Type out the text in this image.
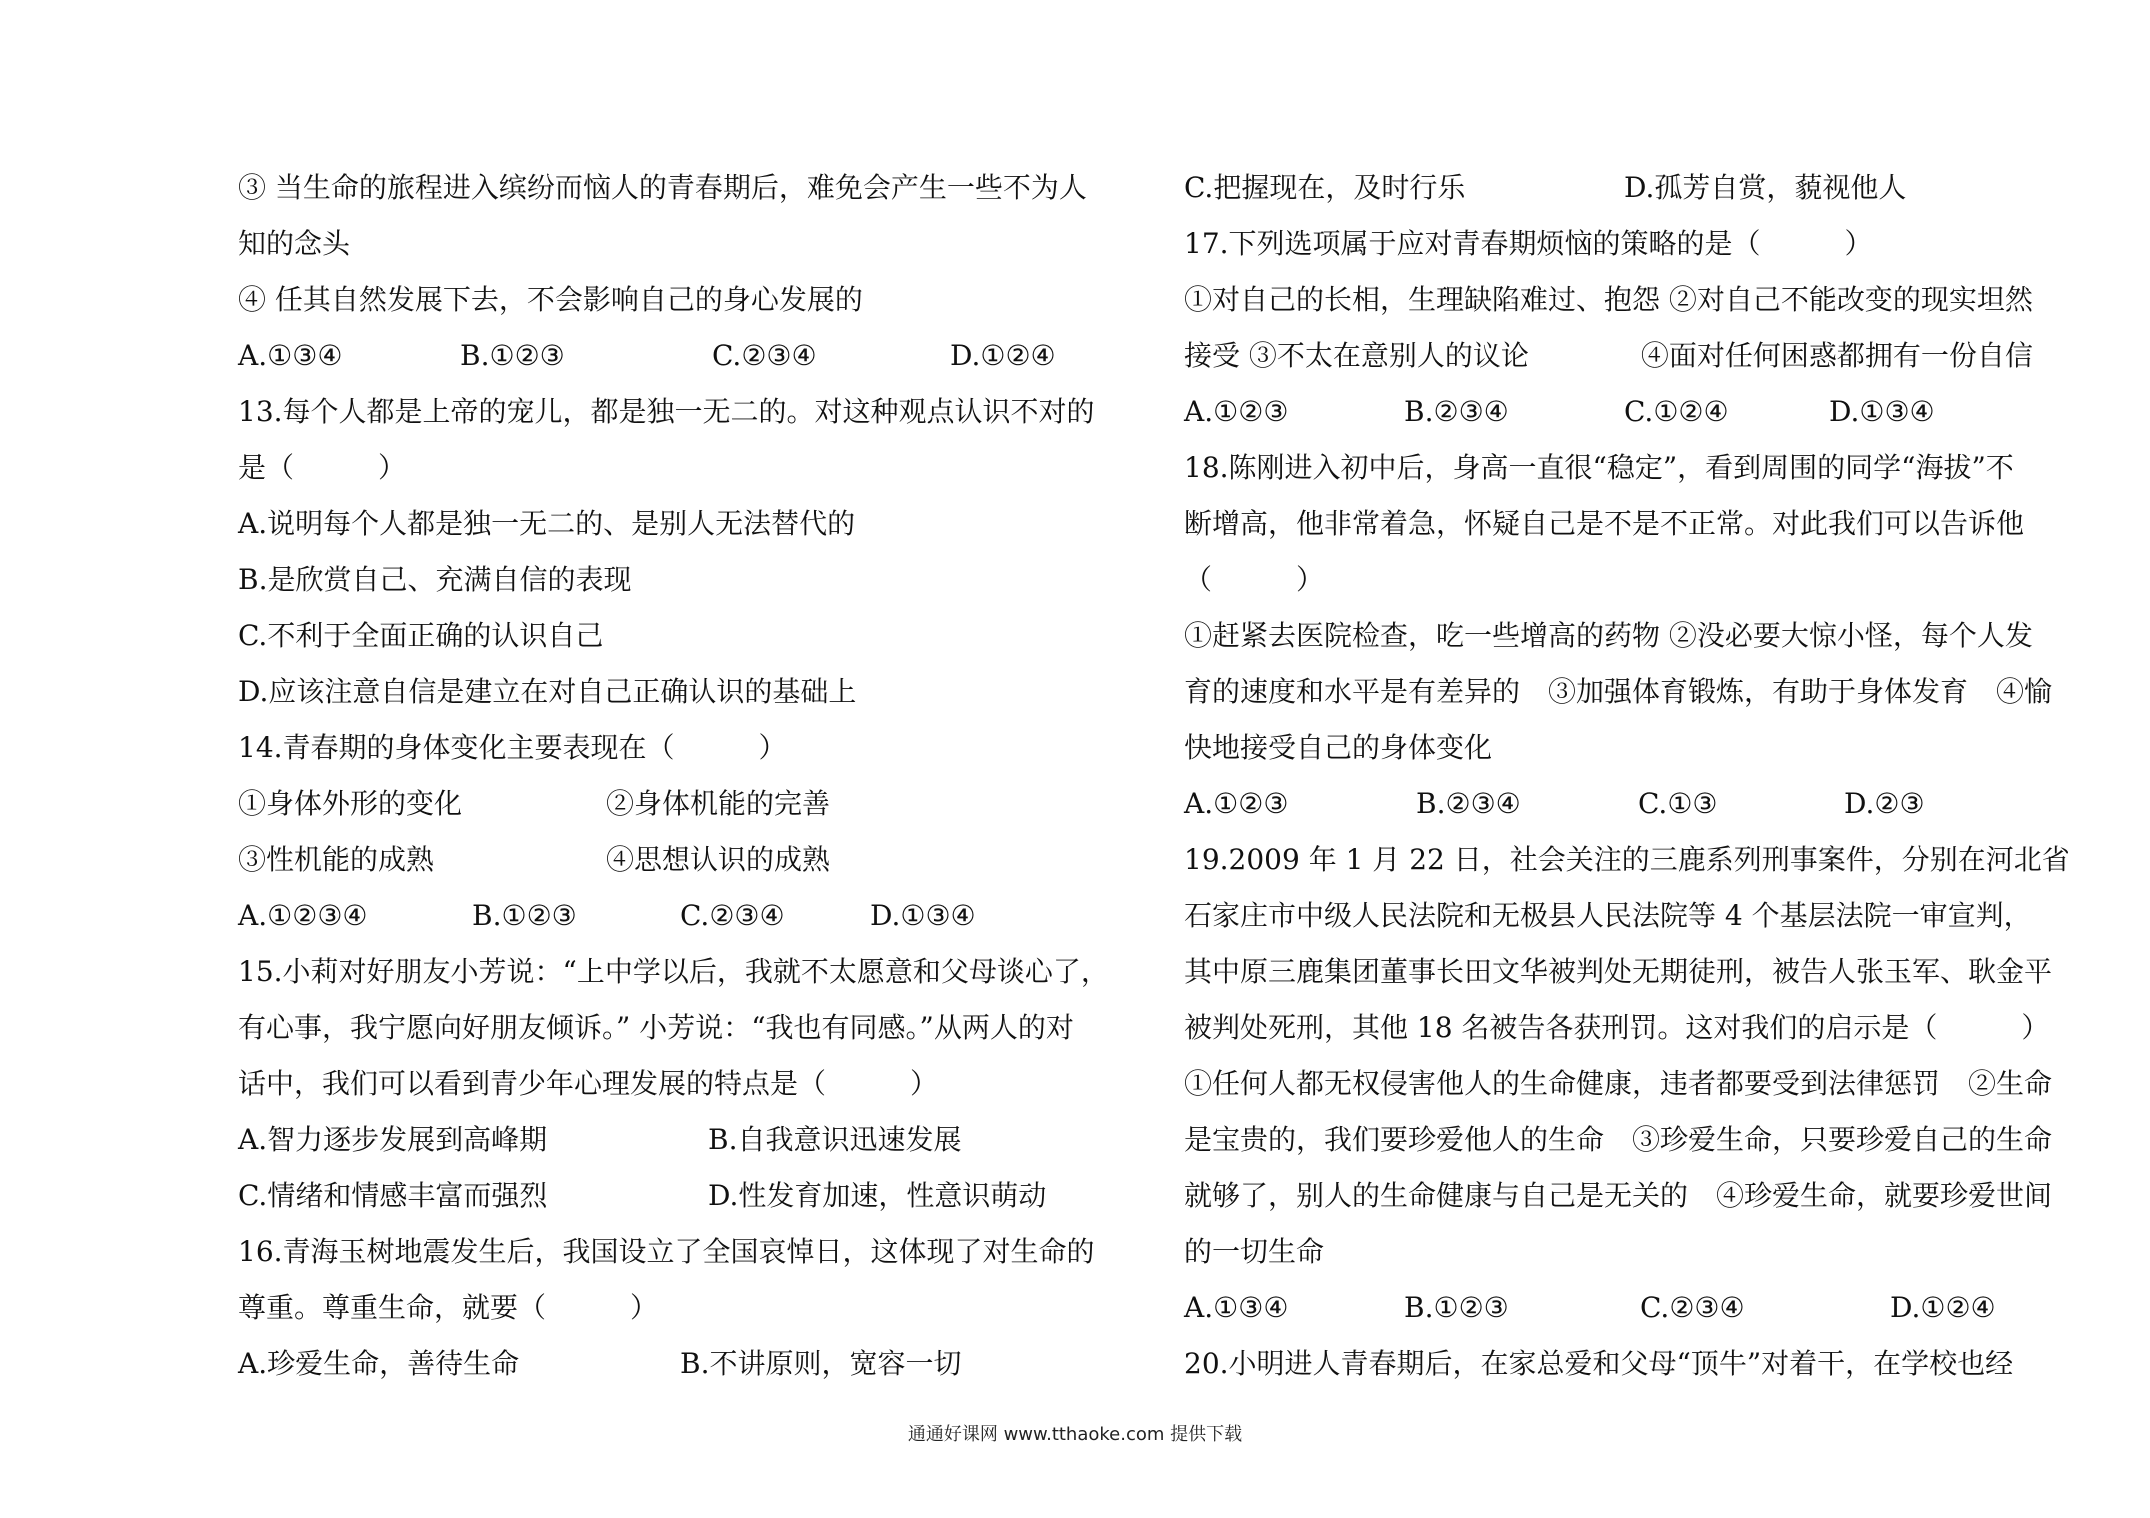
③ 当生命的旅程进入缤纷而恼人的青春期后，难免会产生一些不为人
知的念头
④ 任其自然发展下去，不会影响自己的身心发展的
A.①③④	B.①②③	C.②③④	D.①②④
13.每个人都是上帝的宠儿，都是独一无二的。对这种观点认识不对的
是（　　　）
A.说明每个人都是独一无二的、是别人无法替代的
B.是欣赏自己、充满自信的表现
C.不利于全面正确的认识自己
D.应该注意自信是建立在对自己正确认识的基础上
14.青春期的身体变化主要表现在（　　　）
①身体外形的变化	②身体机能的完善
③性机能的成熟	④思想认识的成熟
A.①②③④	B.①②③	C.②③④	D.①③④
15.小莉对好朋友小芳说：“上中学以后，我就不太愿意和父母谈心了，
有心事，我宁愿向好朋友倾诉。” 小芳说：“我也有同感。”从两人的对
话中，我们可以看到青少年心理发展的特点是（　　　）
A.智力逐步发展到高峰期	B.自我意识迅速发展
C.情绪和情感丰富而强烈	D.性发育加速，性意识萌动
16.青海玉树地震发生后，我国设立了全国哀悼日，这体现了对生命的
尊重。尊重生命，就要（　　　）
A.珍爱生命，善待生命	B.不讲原则，宽容一切
C.把握现在，及时行乐	D.孤芳自赏，藐视他人
17.下列选项属于应对青春期烦恼的策略的是（　　　）
①对自己的长相，生理缺陷难过、抱怨 ②对自己不能改变的现实坦然
接受 ③不太在意别人的议论　　　　④面对任何困惑都拥有一份自信
A.①②③	B.②③④	C.①②④	D.①③④
18.陈刚进入初中后，身高一直很“稳定”，看到周围的同学“海拔”不
断增高，他非常着急，怀疑自己是不是不正常。对此我们可以告诉他
（　　　）
①赶紧去医院检查，吃一些增高的药物 ②没必要大惊小怪，每个人发
育的速度和水平是有差异的　③加强体育锻炼，有助于身体发育　④愉
快地接受自己的身体变化
A.①②③	B.②③④	C.①③	D.②③
19.2009 年 1 月 22 日，社会关注的三鹿系列刑事案件，分别在河北省
石家庄市中级人民法院和无极县人民法院等 4 个基层法院一审宣判，
其中原三鹿集团董事长田文华被判处无期徒刑，被告人张玉军、耿金平
被判处死刑，其他 18 名被告各获刑罚。这对我们的启示是（　　　）
①任何人都无权侵害他人的生命健康，违者都要受到法律惩罚　②生命
是宝贵的，我们要珍爱他人的生命　③珍爱生命，只要珍爱自己的生命
就够了，别人的生命健康与自己是无关的　④珍爱生命，就要珍爱世间
的一切生命
A.①③④	B.①②③	C.②③④	D.①②④
20.小明进人青春期后，在家总爱和父母“顶牛”对着干，在学校也经
通通好课网 www.tthaoke.com 提供下载
